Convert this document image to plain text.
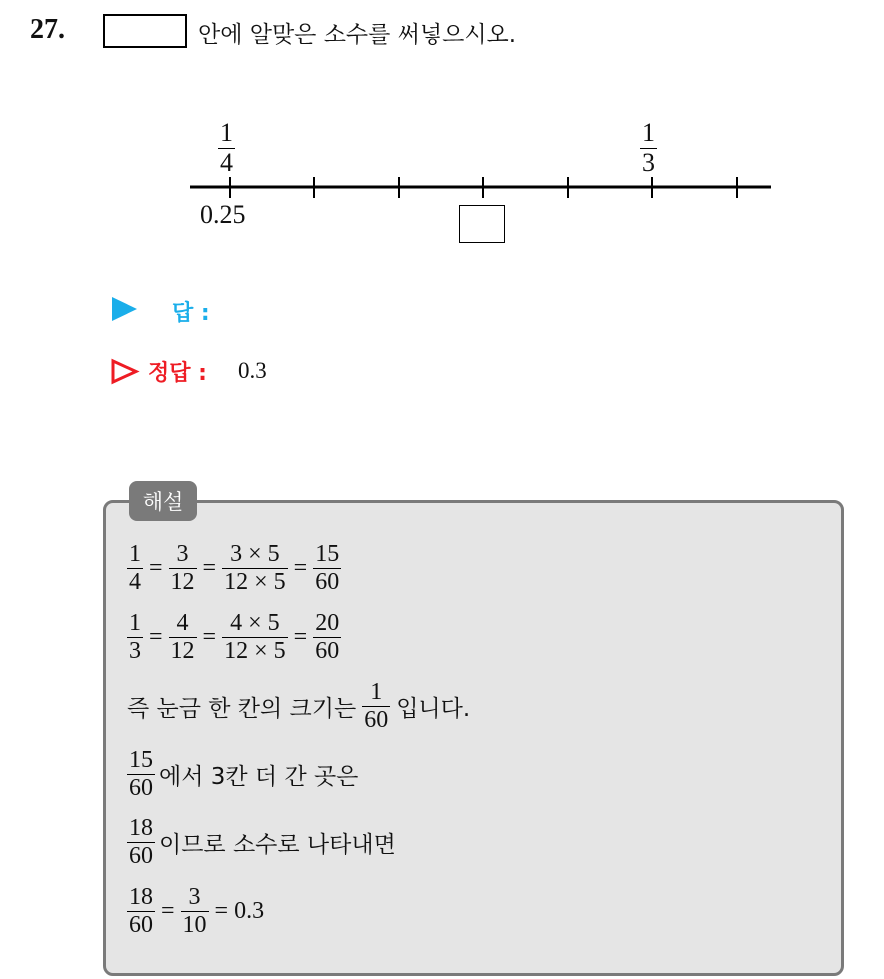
27.	안에 알맞은 소수를 써넣으시오.
1
4
1
3
0.25
답 :
정답 : 0.3
해설
$\frac{1}{4} = \frac{3}{12} = \frac{3 \times 5}{12 \times 5} = \frac{15}{60}$
$\frac{1}{3} = \frac{4}{12} = \frac{4 \times 5}{12 \times 5} = \frac{20}{60}$
즉 눈금 한 칸의 크기는 $\frac{1}{60}$ 입니다.
$\frac{15}{60}$ 에서 3칸 더 간 곳은
$\frac{18}{60}$ 이므로 소수로 나타내면
$\frac{18}{60} = \frac{3}{10} = 0.3$
